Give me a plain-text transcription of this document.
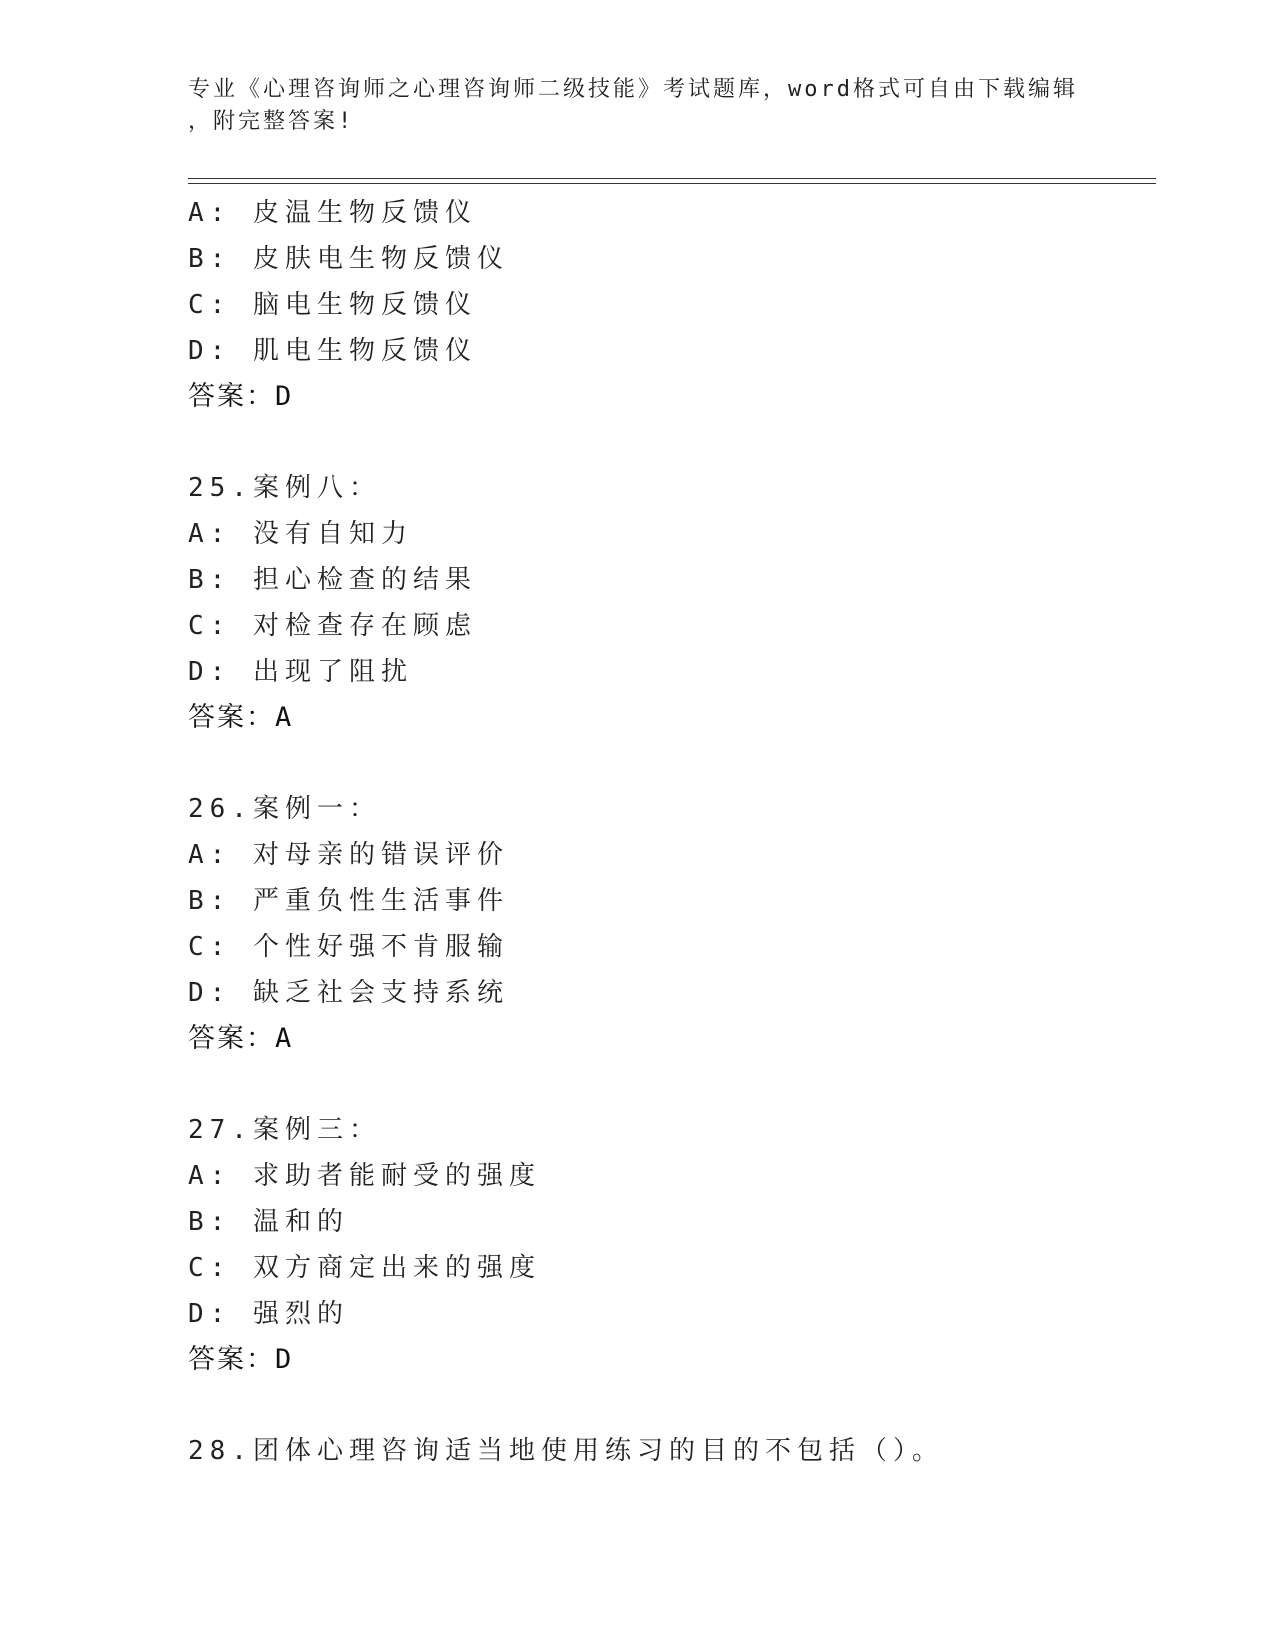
专业《心理咨询师之心理咨询师二级技能》考试题库，word格式可自由下载编辑
，附完整答案!
A: 皮温生物反馈仪
B: 皮肤电生物反馈仪
C: 脑电生物反馈仪
D: 肌电生物反馈仪
答案：D
25.案例八：
A: 没有自知力
B: 担心检查的结果
C: 对检查存在顾虑
D: 出现了阻扰
答案：A
26.案例一：
A: 对母亲的错误评价
B: 严重负性生活事件
C: 个性好强不肯服输
D: 缺乏社会支持系统
答案：A
27.案例三：
A: 求助者能耐受的强度
B: 温和的
C: 双方商定出来的强度
D: 强烈的
答案：D
28.团体心理咨询适当地使用练习的目的不包括（）。
